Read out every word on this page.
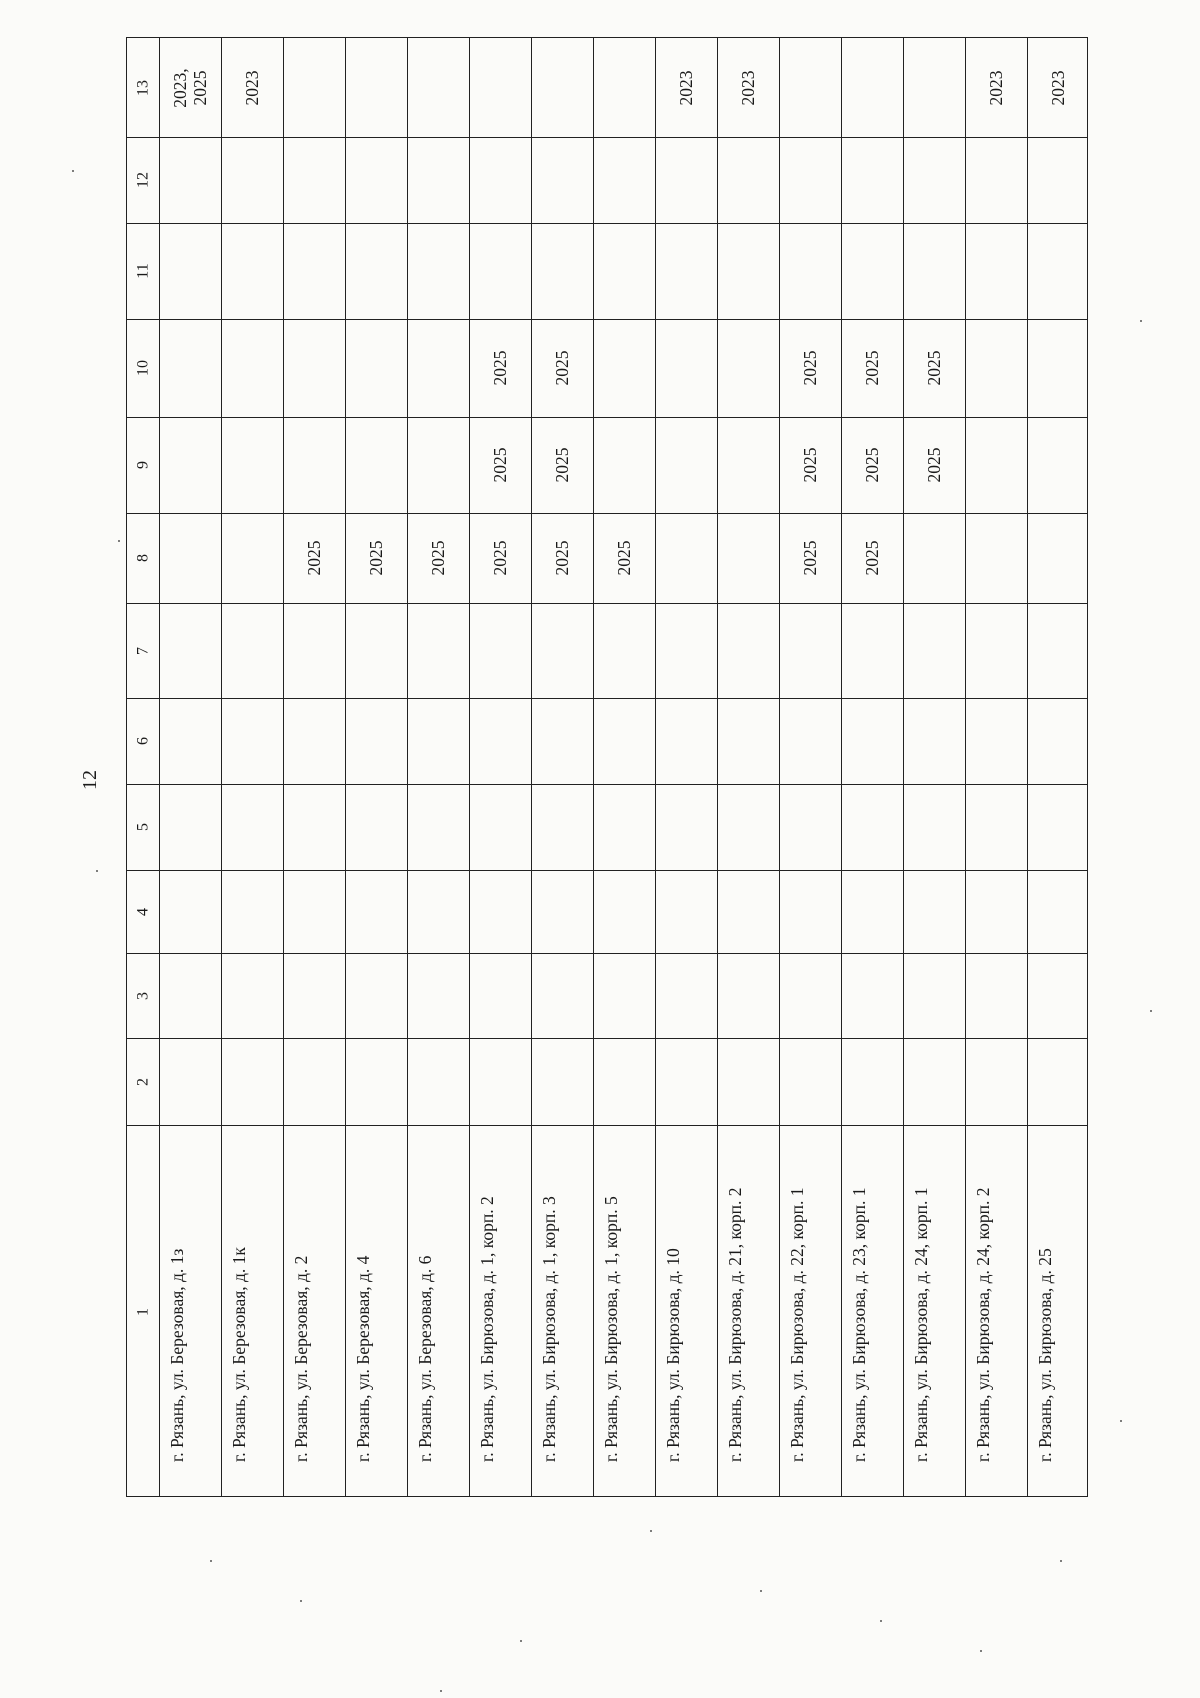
12
1
2
3
4
5
6
7
8
9
10
11
12
13
г. Рязань, ул. Березовая, д. 1з
2023,
2025
г. Рязань, ул. Березовая, д. 1к
2023
г. Рязань, ул. Березовая, д. 2
2025
г. Рязань, ул. Березовая, д. 4
2025
г. Рязань, ул. Березовая, д. 6
2025
г. Рязань, ул. Бирюзова, д. 1, корп. 2
2025
2025
2025
г. Рязань, ул. Бирюзова, д. 1, корп. 3
2025
2025
2025
г. Рязань, ул. Бирюзова, д. 1, корп. 5
2025
г. Рязань, ул. Бирюзова, д. 10
2023
г. Рязань, ул. Бирюзова, д. 21, корп. 2
2023
г. Рязань, ул. Бирюзова, д. 22, корп. 1
2025
2025
2025
г. Рязань, ул. Бирюзова, д. 23, корп. 1
2025
2025
2025
г. Рязань, ул. Бирюзова, д. 24, корп. 1
2025
2025
г. Рязань, ул. Бирюзова, д. 24, корп. 2
2023
г. Рязань, ул. Бирюзова, д. 25
2023
